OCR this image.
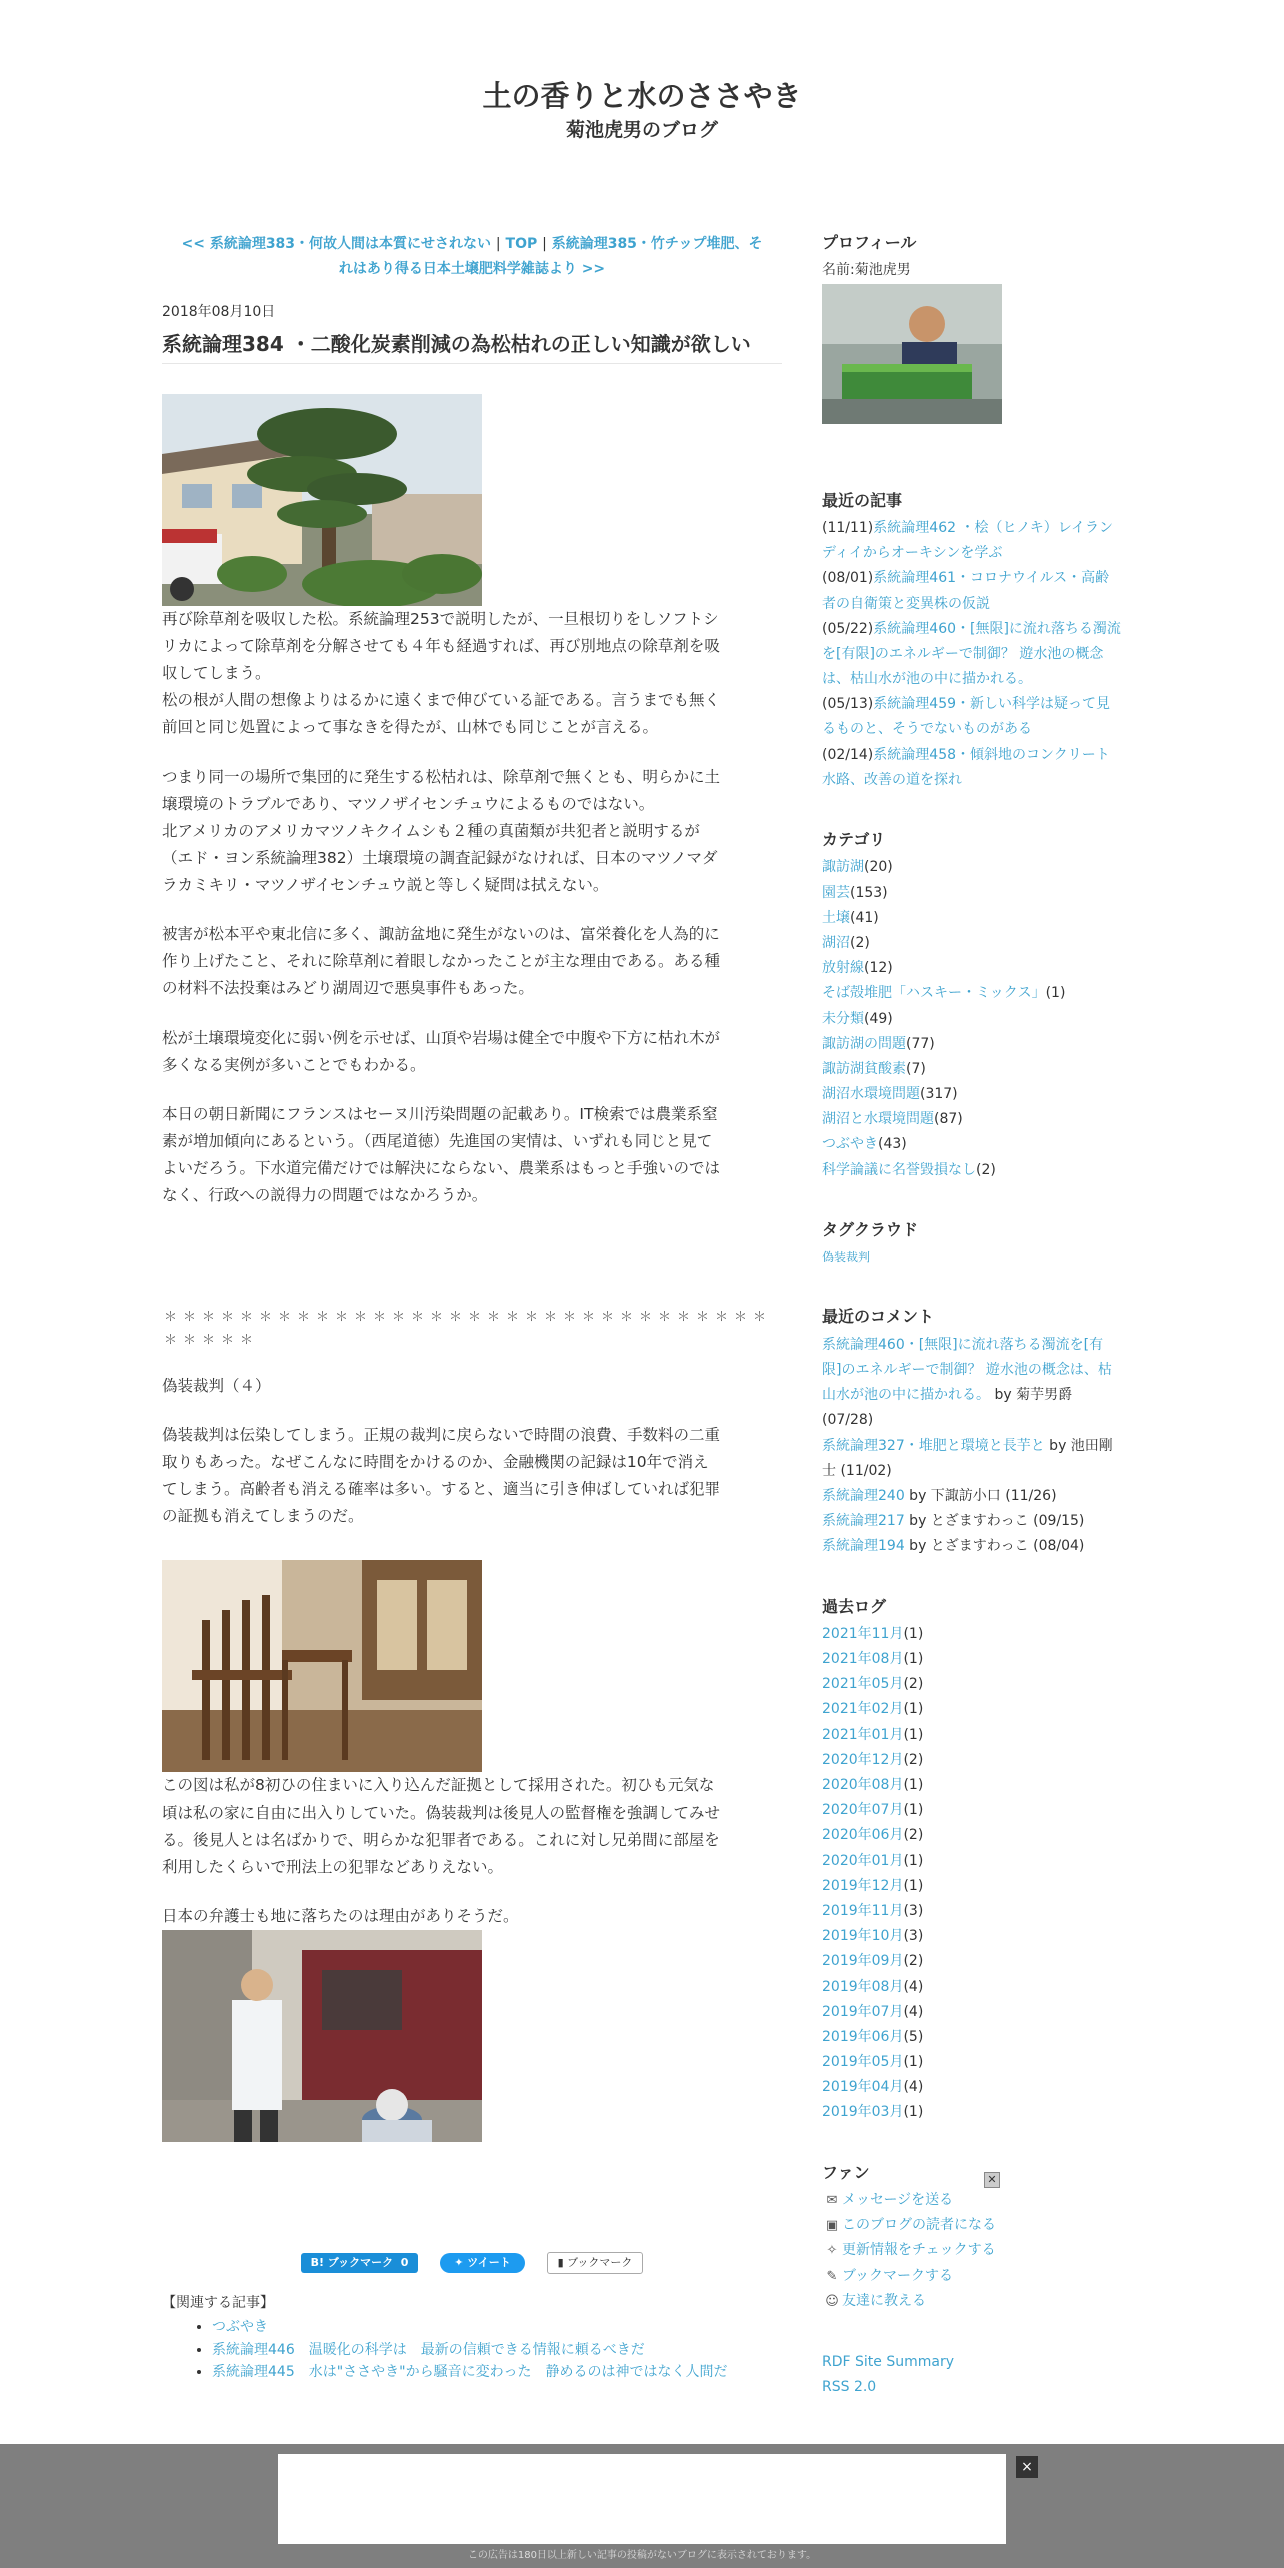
土の香りと水のささやき
菊池虎男のブログ
<< 系統論理383・何故人間は本質にせされない | TOP | 系統論理385・竹チップ堆肥、それはあり得る日本土壌肥料学雑誌より >>
2018年08月10日
系統論理384 ・二酸化炭素削減の為松枯れの正しい知識が欲しい

再び除草剤を吸収した松。系統論理253で説明したが、一旦根切りをしソフトシリカによって除草剤を分解させても４年も経過すれば、再び別地点の除草剤を吸収してしまう。

松の根が人間の想像よりはるかに遠くまで伸びている証である。言うまでも無く前回と同じ処置によって事なきを得たが、山林でも同じことが言える。

つまり同一の場所で集団的に発生する松枯れは、除草剤で無くとも、明らかに土壌環境のトラブルであり、マツノザイセンチュウによるものではない。

北アメリカのアメリカマツノキクイムシも２種の真菌類が共犯者と説明するが（エド・ヨン系統論理382）土壌環境の調査記録がなければ、日本のマツノマダラカミキリ・マツノザイセンチュウ説と等しく疑問は拭えない。

被害が松本平や東北信に多く、諏訪盆地に発生がないのは、富栄養化を人為的に作り上げたこと、それに除草剤に着眼しなかったことが主な理由である。ある種の材料不法投棄はみどり湖周辺で悪臭事件もあった。

松が土壌環境変化に弱い例を示せば、山頂や岩場は健全で中腹や下方に枯れ木が多くなる実例が多いことでもわかる。

本日の朝日新聞にフランスはセーヌ川汚染問題の記載あり。IT検索では農業系窒素が増加傾向にあるという。（西尾道徳）先進国の実情は、いずれも同じと見てよいだろう。下水道完備だけでは解決にならない、農業系はもっと手強いのではなく、行政への説得力の問題ではなかろうか。

＊＊＊＊＊＊＊＊＊＊＊＊＊＊＊＊＊＊＊＊＊＊＊＊＊＊＊＊＊＊＊＊＊＊＊＊＊

偽装裁判（４）

偽装裁判は伝染してしまう。正規の裁判に戻らないで時間の浪費、手数料の二重取りもあった。なぜこんなに時間をかけるのか、金融機関の記録は10年で消えてしまう。高齢者も消える確率は多い。すると、適当に引き伸ばしていれば犯罪の証拠も消えてしまうのだ。

この図は私が8初ひの住まいに入り込んだ証拠として採用された。初ひも元気な頃は私の家に自由に出入りしていた。偽装裁判は後見人の監督権を強調してみせる。後見人とは名ばかりで、明らかな犯罪者である。これに対し兄弟間に部屋を利用したくらいで刑法上の犯罪などありえない。

日本の弁護士も地に落ちたのは理由がありそうだ。

B! ブックマーク 0	✦ ツイート	▮ ブックマーク
【関連する記事】
• つぶやき
• 系統論理446　温暖化の科学は　最新の信頼できる情報に頼るべきだ
• 系統論理445　水は"ささやき"から騒音に変わった　静めるのは神ではなく人間だ
プロフィール
名前:菊池虎男
最近の記事
(11/11)系統論理462 ・桧（ヒノキ）レイランディイからオーキシンを学ぶ
(08/01)系統論理461・コロナウイルス・高齢者の自衛策と変異株の仮説
(05/22)系統論理460・[無限]に流れ落ちる濁流を[有限]のエネルギーで制御？ 遊水池の概念は、枯山水が池の中に描かれる。
(05/13)系統論理459・新しい科学は疑って見るものと、そうでないものがある
(02/14)系統論理458・傾斜地のコンクリート水路、改善の道を探れ
カテゴリ
諏訪湖(20)
園芸(153)
土壌(41)
湖沼(2)
放射線(12)
そば殻堆肥「ハスキー・ミックス」(1)
未分類(49)
諏訪湖の問題(77)
諏訪湖貧酸素(7)
湖沼水環境問題(317)
湖沼と水環境問題(87)
つぶやき(43)
科学論議に名誉毀損なし(2)
タグクラウド
偽装裁判
最近のコメント
系統論理460・[無限]に流れ落ちる濁流を[有限]のエネルギーで制御？ 遊水池の概念は、枯山水が池の中に描かれる。 by 菊芋男爵 (07/28)
系統論理327・堆肥と環境と長芋と by 池田剛士 (11/02)
系統論理240 by 下諏訪小口 (11/26)
系統論理217 by とざますわっこ (09/15)
系統論理194 by とざますわっこ (08/04)
過去ログ
2021年11月(1)
2021年08月(1)
2021年05月(2)
2021年02月(1)
2021年01月(1)
2020年12月(2)
2020年08月(1)
2020年07月(1)
2020年06月(2)
2020年01月(1)
2019年12月(1)
2019年11月(3)
2019年10月(3)
2019年09月(2)
2019年08月(4)
2019年07月(4)
2019年06月(5)
2019年05月(1)
2019年04月(4)
2019年03月(1)
ファン
✉ メッセージを送る
▣ このブログの読者になる
✧ 更新情報をチェックする
✎ ブックマークする
☺ 友達に教える
RDF Site Summary
RSS 2.0
✕
×
この広告は180日以上新しい記事の投稿がないブログに表示されております。
